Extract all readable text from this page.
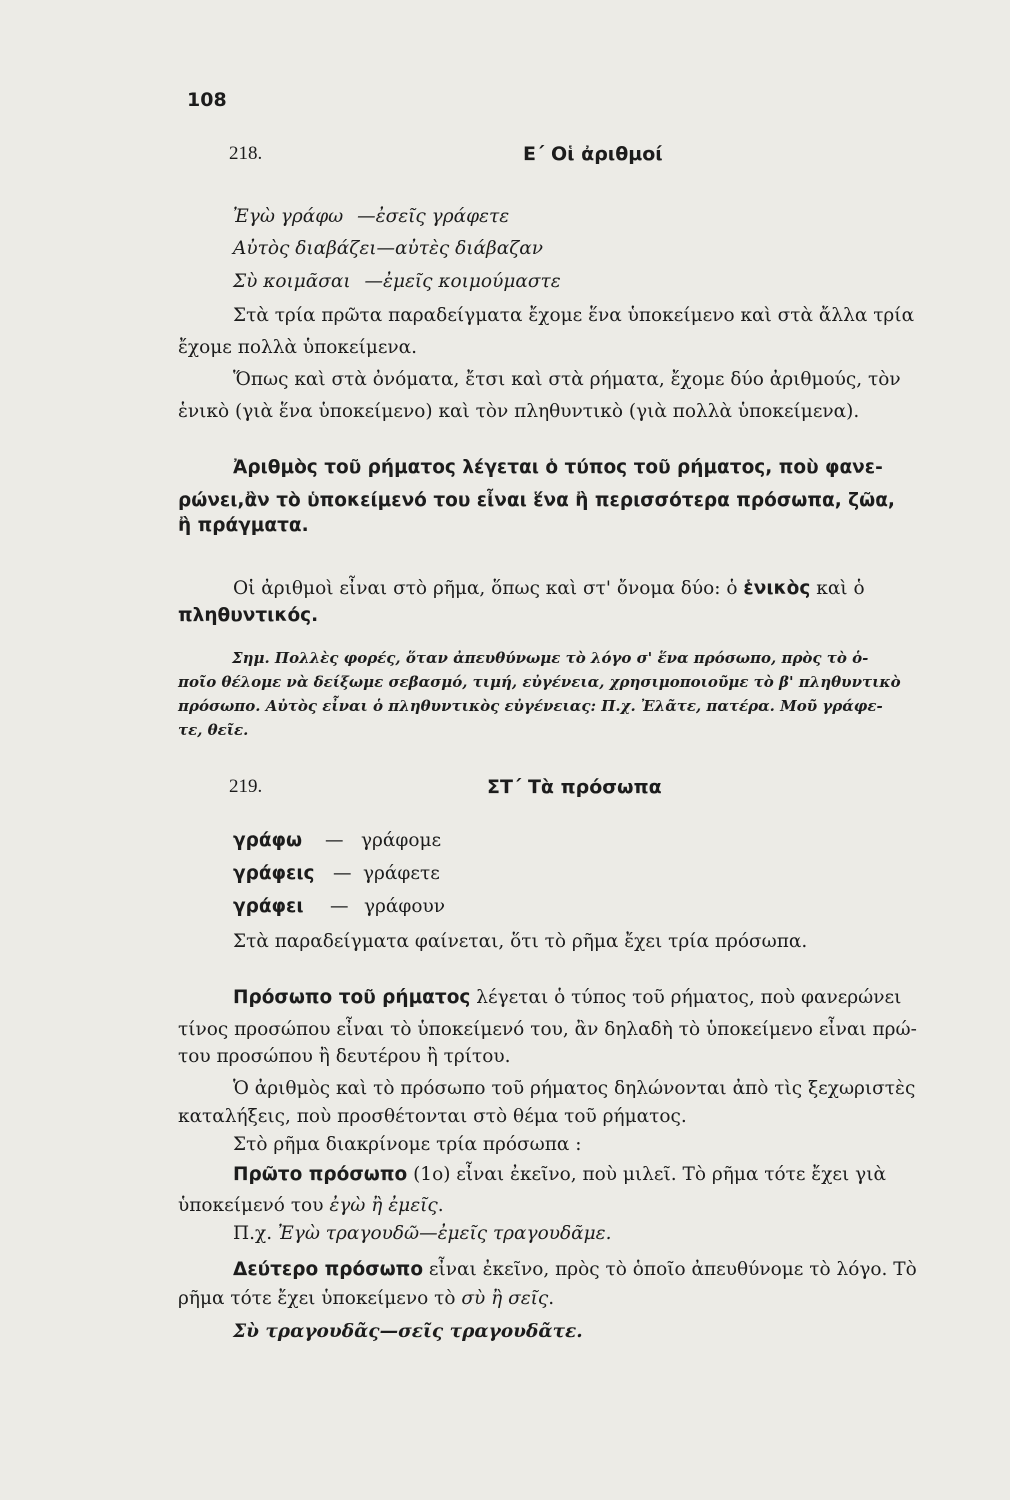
108
218.	Ε΄ Οἱ ἀριθμοί
Ἐγὼ γράφω —ἐσεῖς γράφετε
Αὐτὸς διαβάζει—αὐτὲς διάβαζαν
Σὺ κοιμᾶσαι —ἐμεῖς κοιμούμαστε
Στὰ τρία πρῶτα παραδείγματα ἔχομε ἕνα ὑποκείμενο καὶ στὰ ἄλλα τρία
ἔχομε πολλὰ ὑποκείμενα.
Ὅπως καὶ στὰ ὀνόματα, ἔτσι καὶ στὰ ρήματα, ἔχομε δύο ἀριθμούς, τὸν
ἑνικὸ (γιὰ ἕνα ὑποκείμενο) καὶ τὸν πληθυντικὸ (γιὰ πολλὰ ὑποκείμενα).
Ἀριθμὸς τοῦ ρήματος λέγεται ὁ τύπος τοῦ ρήματος, ποὺ φανε-
ρώνει,ἂν τὸ ὑποκείμενό του εἶναι ἕνα ἢ περισσότερα πρόσωπα, ζῶα,
ἢ πράγματα.
Οἱ ἀριθμοὶ εἶναι στὸ ρῆμα, ὅπως καὶ στ' ὄνομα δύο: ὁ ἑνικὸς καὶ ὁ
πληθυντικός.
Σημ. Πολλὲς φορές, ὅταν ἀπευθύνωμε τὸ λόγο σ' ἕνα πρόσωπο, πρὸς τὸ ὁ-
ποῖο θέλομε νὰ δείξωμε σεβασμό, τιμή, εὐγένεια, χρησιμοποιοῦμε τὸ β' πληθυντικὸ
πρόσωπο. Αὐτὸς εἶναι ὁ πληθυντικὸς εὐγένειας: Π.χ. Ἐλᾶτε, πατέρα. Μοῦ γράφε-
τε, θεῖε.
219.	ΣΤ΄ Τὰ πρόσωπα
γράφω — γράφομε
γράφεις — γράφετε
γράφει — γράφουν
Στὰ παραδείγματα φαίνεται, ὅτι τὸ ρῆμα ἔχει τρία πρόσωπα.
Πρόσωπο τοῦ ρήματος λέγεται ὁ τύπος τοῦ ρήματος, ποὺ φανερώνει
τίνος προσώπου εἶναι τὸ ὑποκείμενό του, ἂν δηλαδὴ τὸ ὑποκείμενο εἶναι πρώ-
του προσώπου ἢ δευτέρου ἢ τρίτου.
Ὁ ἀριθμὸς καὶ τὸ πρόσωπο τοῦ ρήματος δηλώνονται ἀπὸ τὶς ξεχωριστὲς
καταλήξεις, ποὺ προσθέτονται στὸ θέμα τοῦ ρήματος.
Στὸ ρῆμα διακρίνομε τρία πρόσωπα :
Πρῶτο πρόσωπο (1ο) εἶναι ἐκεῖνο, ποὺ μιλεῖ. Τὸ ρῆμα τότε ἔχει γιὰ
ὑποκείμενό του ἐγὼ ἢ ἐμεῖς.
Π.χ. Ἐγὼ τραγουδῶ—ἐμεῖς τραγουδᾶμε.
Δεύτερο πρόσωπο εἶναι ἐκεῖνο, πρὸς τὸ ὁποῖο ἀπευθύνομε τὸ λόγο. Τὸ
ρῆμα τότε ἔχει ὑποκείμενο τὸ σὺ ἢ σεῖς.
Σὺ τραγουδᾶς—σεῖς τραγουδᾶτε.
